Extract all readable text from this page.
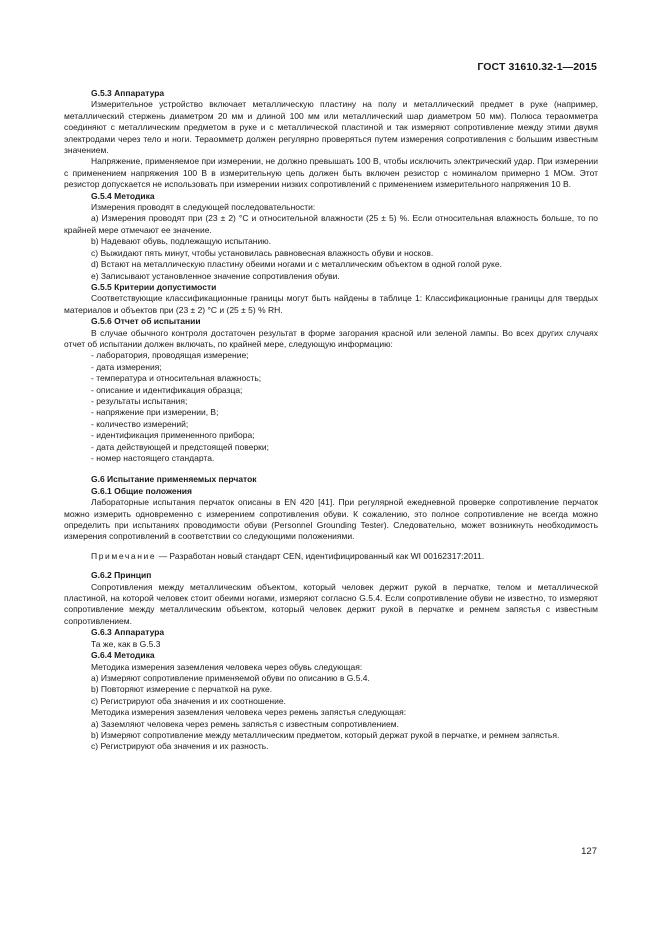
ГОСТ 31610.32-1—2015

G.5.3 Аппаратура

Измерительное устройство включает металлическую пластину на полу и металлический предмет в руке (например, металлический стержень диаметром 20 мм и длиной 100 мм или металлический шар диаметром 50 мм). Полюса тераомметра соединяют с металлическим предметом в руке и с металлической пластиной и так измеряют сопротивление между этими двумя электродами через тело и ноги. Тераомметр должен регулярно проверяться путем измерения сопротивления с большим известным значением.

Напряжение, применяемое при измерении, не должно превышать 100 В, чтобы исключить электрический удар. При измерении с применением напряжения 100 В в измерительную цепь должен быть включен резистор с номиналом примерно 1 МОм. Этот резистор допускается не использовать при измерении низких сопротивлений с применением измерительного напряжения 10 В.

G.5.4 Методика

Измерения проводят в следующей последовательности:

a) Измерения проводят при (23 ± 2) °С и относительной влажности (25 ± 5) %. Если относительная влажность больше, то по крайней мере отмечают ее значение.

b) Надевают обувь, подлежащую испытанию.

c) Выжидают пять минут, чтобы установилась равновесная влажность обуви и носков.

d) Встают на металлическую пластину обеими ногами и с металлическим объектом в одной голой руке.

e) Записывают установленное значение сопротивления обуви.

G.5.5 Критерии допустимости

Соответствующие классификационные границы могут быть найдены в таблице 1: Классификационные границы для твердых материалов и объектов при (23 ± 2) °С и (25 ± 5) % RH.

G.5.6 Отчет об испытании

В случае обычного контроля достаточен результат в форме загорания красной или зеленой лампы. Во всех других случаях отчет об испытании должен включать, по крайней мере, следующую информацию:

- лаборатория, проводящая измерение;

- дата измерения;

- температура и относительная влажность;

- описание и идентификация образца;

- результаты испытания;

- напряжение при измерении, В;

- количество измерений;

- идентификация примененного прибора;

- дата действующей и предстоящей поверки;

- номер настоящего стандарта.

G.6 Испытание применяемых перчаток

G.6.1 Общие положения

Лабораторные испытания перчаток описаны в EN 420 [41]. При регулярной ежедневной проверке сопротивление перчаток можно измерить одновременно с измерением сопротивления обуви. К сожалению, это полное сопротивление не всегда можно определить при испытаниях проводимости обуви (Personnel Grounding Tester). Следовательно, может возникнуть необходимость измерения сопротивлений в соответствии со следующими положениями.

Примечание — Разработан новый стандарт CEN, идентифицированный как WI 00162317:2011.

G.6.2 Принцип

Сопротивления между металлическим объектом, который человек держит рукой в перчатке, телом и металлической пластиной, на которой человек стоит обеими ногами, измеряют согласно G.5.4. Если сопротивление обуви не известно, то измеряют сопротивление между металлическим объектом, который человек держит рукой в перчатке и ремнем запястья с известным сопротивлением.

G.6.3 Аппаратура

Та же, как в G.5.3

G.6.4 Методика

Методика измерения заземления человека через обувь следующая:

a) Измеряют сопротивление применяемой обуви по описанию в G.5.4.

b) Повторяют измерение с перчаткой на руке.

c) Регистрируют оба значения и их соотношение.

Методика измерения заземления человека через ремень запястья следующая:

a) Заземляют человека через ремень запястья с известным сопротивлением.

b) Измеряют сопротивление между металлическим предметом, который держат рукой в перчатке, и ремнем запястья.

c) Регистрируют оба значения и их разность.

127
